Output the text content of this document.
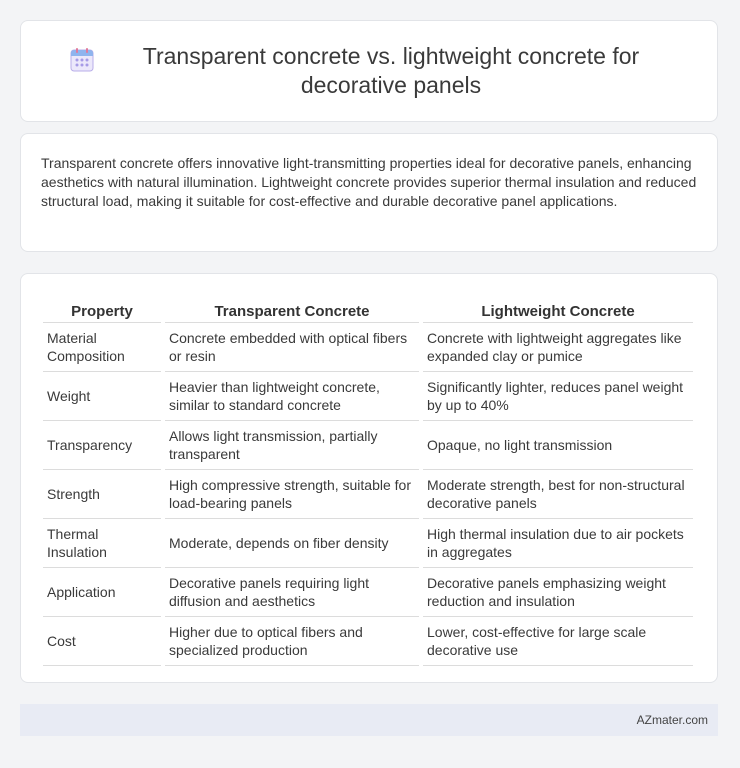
Transparent concrete vs. lightweight concrete for decorative panels

Transparent concrete offers innovative light-transmitting properties ideal for decorative panels, enhancing aesthetics with natural illumination. Lightweight concrete provides superior thermal insulation and reduced structural load, making it suitable for cost-effective and durable decorative panel applications.

Property	Transparent Concrete	Lightweight Concrete
Material Composition	Concrete embedded with optical fibers or resin	Concrete with lightweight aggregates like expanded clay or pumice
Weight	Heavier than lightweight concrete, similar to standard concrete	Significantly lighter, reduces panel weight by up to 40%
Transparency	Allows light transmission, partially transparent	Opaque, no light transmission
Strength	High compressive strength, suitable for load-bearing panels	Moderate strength, best for non-structural decorative panels
Thermal Insulation	Moderate, depends on fiber density	High thermal insulation due to air pockets in aggregates
Application	Decorative panels requiring light diffusion and aesthetics	Decorative panels emphasizing weight reduction and insulation
Cost	Higher due to optical fibers and specialized production	Lower, cost-effective for large scale decorative use
AZmater.com
